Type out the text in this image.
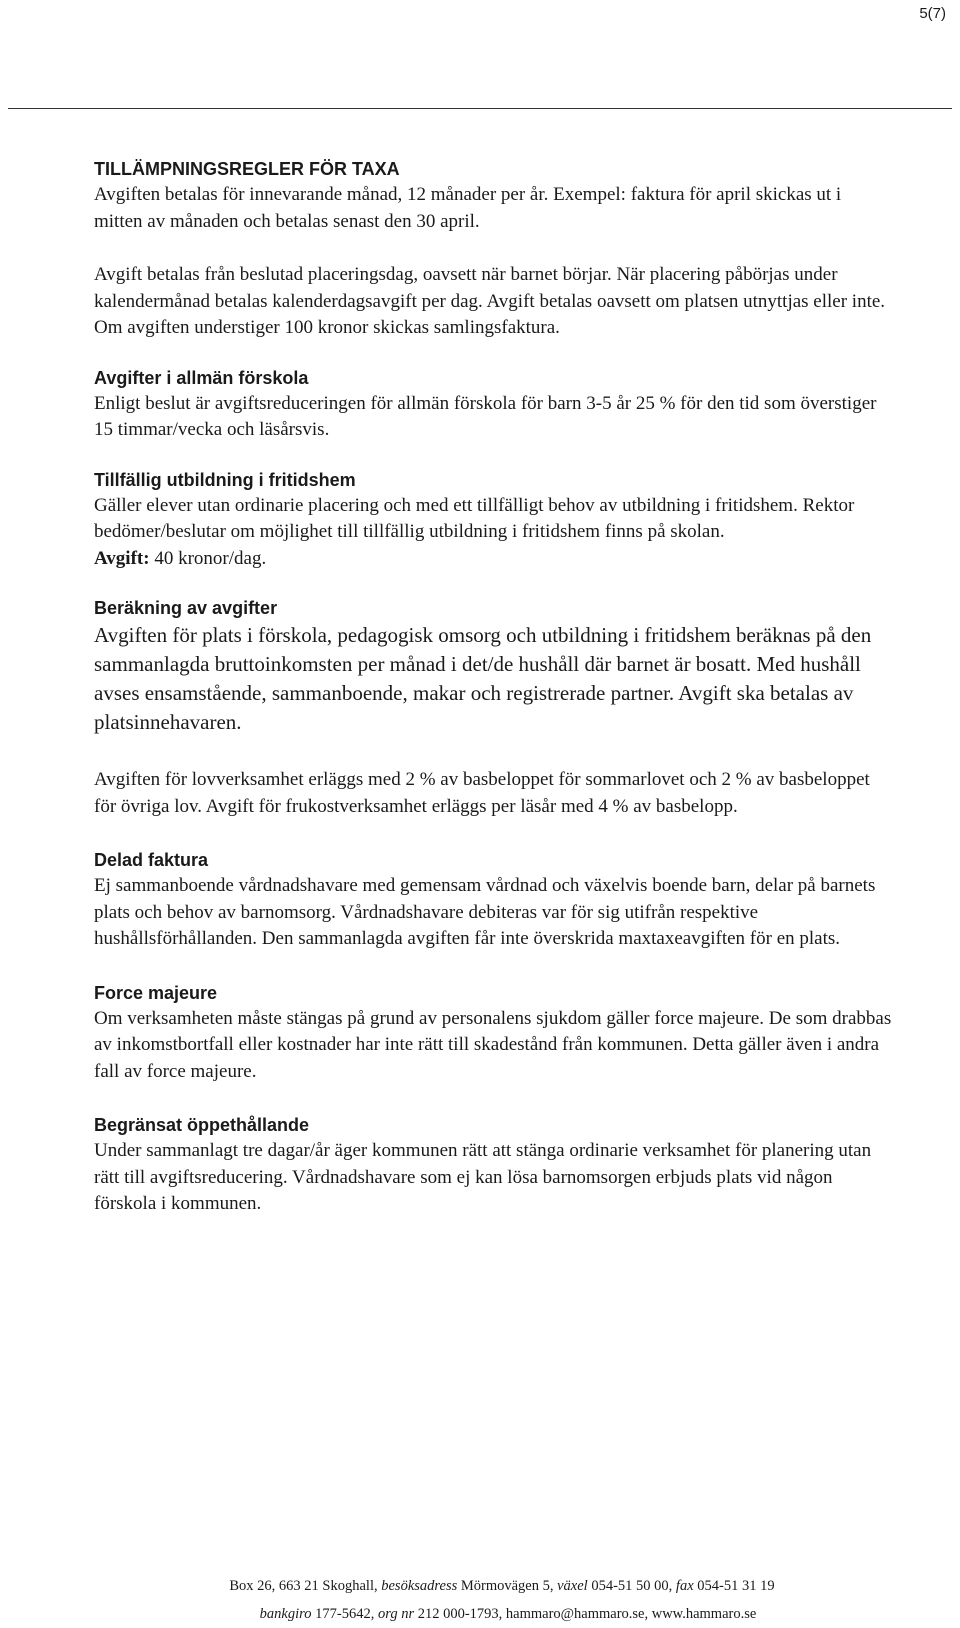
5(7)
TILLÄMPNINGSREGLER FÖR TAXA

Avgiften betalas för innevarande månad, 12 månader per år. Exempel: faktura för april skickas ut i mitten av månaden och betalas senast den 30 april.

Avgift betalas från beslutad placeringsdag, oavsett när barnet börjar. När placering påbörjas under kalendermånad betalas kalenderdagsavgift per dag. Avgift betalas oavsett om platsen utnyttjas eller inte. Om avgiften understiger 100 kronor skickas samlingsfaktura.

Avgifter i allmän förskola

Enligt beslut är avgiftsreduceringen för allmän förskola för barn 3-5 år 25 % för den tid som överstiger 15 timmar/vecka och läsårsvis.

Tillfällig utbildning i fritidshem

Gäller elever utan ordinarie placering och med ett tillfälligt behov av utbildning i fritidshem. Rektor bedömer/beslutar om möjlighet till tillfällig utbildning i fritidshem finns på skolan.

Avgift: 40 kronor/dag.

Beräkning av avgifter

Avgiften för plats i förskola, pedagogisk omsorg och utbildning i fritidshem beräknas på den sammanlagda bruttoinkomsten per månad i det/de hushåll där barnet är bosatt. Med hushåll avses ensamstående, sammanboende, makar och registrerade partner. Avgift ska betalas av platsinnehavaren.

Avgiften för lovverksamhet erläggs med 2 % av basbeloppet för sommarlovet och 2 % av basbeloppet för övriga lov. Avgift för frukostverksamhet erläggs per läsår med 4 % av basbelopp.

Delad faktura

Ej sammanboende vårdnadshavare med gemensam vårdnad och växelvis boende barn, delar på barnets plats och behov av barnomsorg. Vårdnadshavare debiteras var för sig utifrån respektive hushållsförhållanden. Den sammanlagda avgiften får inte överskrida maxtaxeavgiften för en plats.

Force majeure

Om verksamheten måste stängas på grund av personalens sjukdom gäller force majeure. De som drabbas av inkomstbortfall eller kostnader har inte rätt till skadestånd från kommunen. Detta gäller även i andra fall av force majeure.

Begränsat öppethållande

Under sammanlagt tre dagar/år äger kommunen rätt att stänga ordinarie verksamhet för planering utan rätt till avgiftsreducering. Vårdnadshavare som ej kan lösa barnomsorgen erbjuds plats vid någon förskola i kommunen.

Box 26, 663 21 Skoghall, besöksadress Mörmovägen 5, växel 054-51 50 00, fax 054-51 31 19
bankgiro 177-5642, org nr 212 000-1793, hammaro@hammaro.se, www.hammaro.se
